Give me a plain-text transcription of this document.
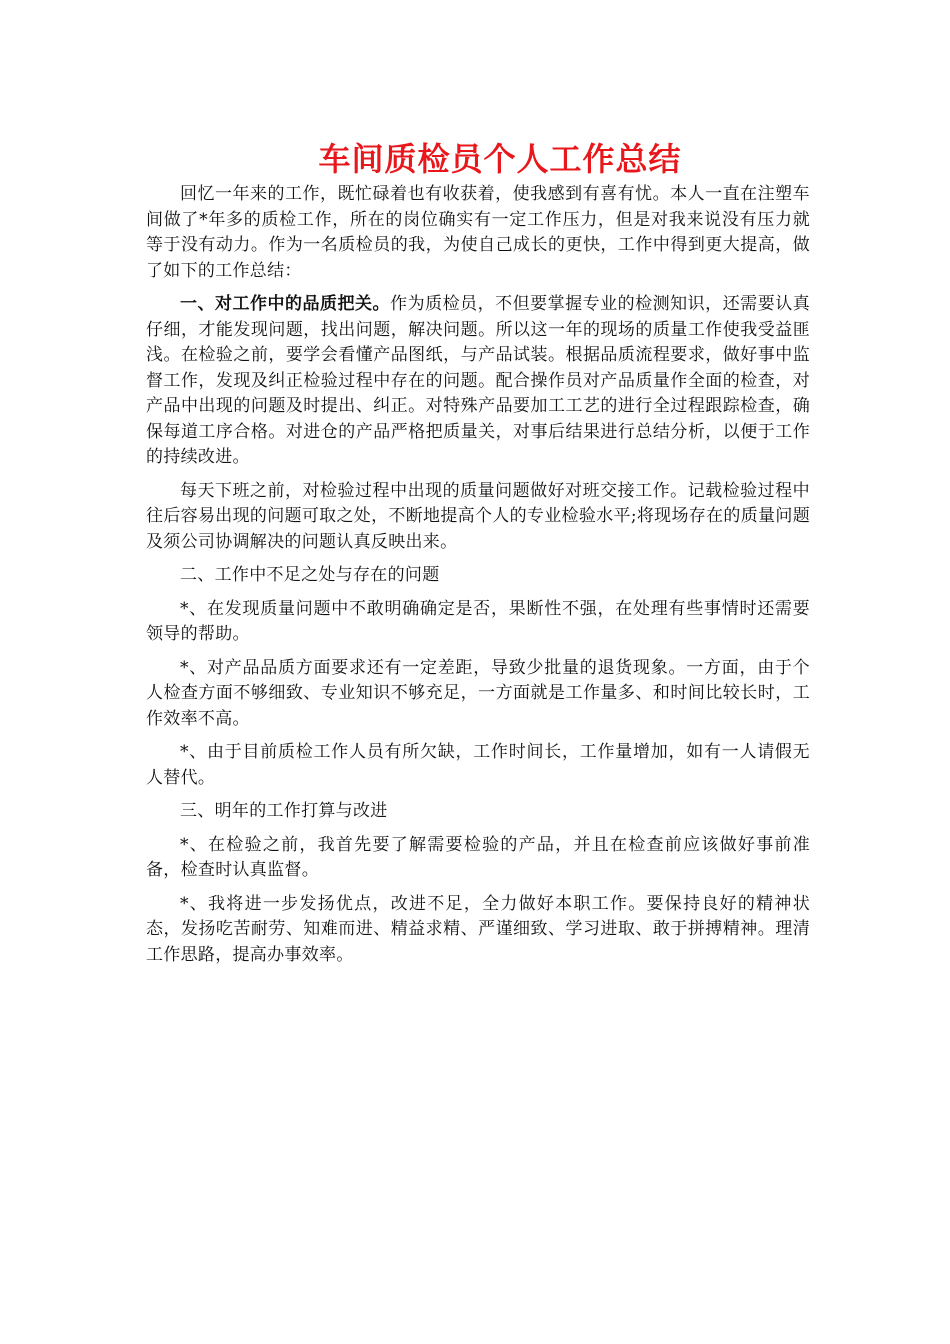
车间质检员个人工作总结

回忆一年来的工作，既忙碌着也有收获着，使我感到有喜有忧。本人一直在注塑车间做了*年多的质检工作，所在的岗位确实有一定工作压力，但是对我来说没有压力就等于没有动力。作为一名质检员的我，为使自己成长的更快，工作中得到更大提高，做了如下的工作总结：

一、对工作中的品质把关。作为质检员，不但要掌握专业的检测知识，还需要认真仔细，才能发现问题，找出问题，解决问题。所以这一年的现场的质量工作使我受益匪浅。在检验之前，要学会看懂产品图纸，与产品试装。根据品质流程要求，做好事中监督工作，发现及纠正检验过程中存在的问题。配合操作员对产品质量作全面的检查，对产品中出现的问题及时提出、纠正。对特殊产品要加工工艺的进行全过程跟踪检查，确保每道工序合格。对进仓的产品严格把质量关，对事后结果进行总结分析，以便于工作的持续改进。

每天下班之前，对检验过程中出现的质量问题做好对班交接工作。记载检验过程中往后容易出现的问题可取之处，不断地提高个人的专业检验水平;将现场存在的质量问题及须公司协调解决的问题认真反映出来。

二、工作中不足之处与存在的问题

*、在发现质量问题中不敢明确确定是否，果断性不强，在处理有些事情时还需要领导的帮助。

*、对产品品质方面要求还有一定差距，导致少批量的退货现象。一方面，由于个人检查方面不够细致、专业知识不够充足，一方面就是工作量多、和时间比较长时，工作效率不高。

*、由于目前质检工作人员有所欠缺，工作时间长，工作量增加，如有一人请假无人替代。

三、明年的工作打算与改进

*、在检验之前，我首先要了解需要检验的产品，并且在检查前应该做好事前准备，检查时认真监督。

*、我将进一步发扬优点，改进不足，全力做好本职工作。要保持良好的精神状态，发扬吃苦耐劳、知难而进、精益求精、严谨细致、学习进取、敢于拼搏精神。理清工作思路，提高办事效率。
